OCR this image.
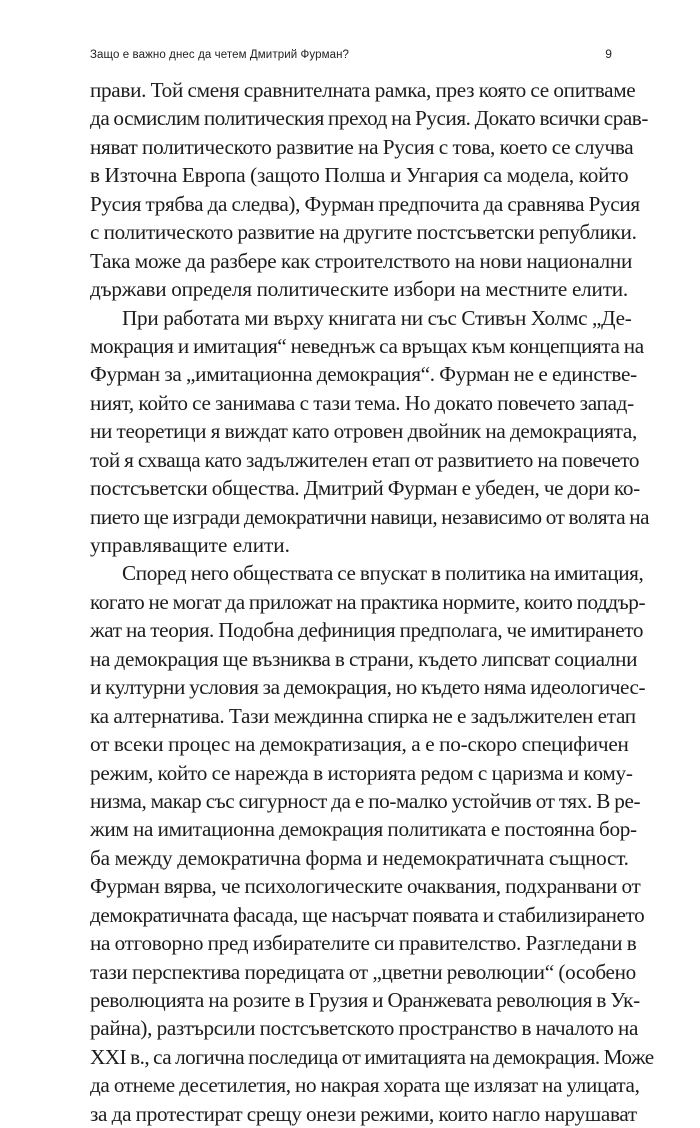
Защо е важно днес да четем Дмитрий Фурман?	9
прави. Той сменя сравнителната рамка, през която се опитваме
да осмислим политическия преход на Русия. Докато всички срав-
няват политическото развитие на Русия с това, което се случва
в Източна Европа (защото Полша и Унгария са модела, който
Русия трябва да следва), Фурман предпочита да сравнява Русия
с политическото развитие на другите постсъветски републики.
Така може да разбере как строителството на нови национални
държави определя политическите избори на местните елити.
При работата ми върху книгата ни със Стивън Холмс „Де-
мокрация и имитация“ неведнъж са връщах към концепцията на
Фурман за „имитационна демокрация“. Фурман не е единстве-
ният, който се занимава с тази тема. Но докато повечето запад-
ни теоретици я виждат като отровен двойник на демокрацията,
той я схваща като задължителен етап от развитието на повечето
постсъветски общества. Дмитрий Фурман е убеден, че дори ко-
пието ще изгради демократични навици, независимо от волята на
управляващите елити.
Според него обществата се впускат в политика на имитация,
когато не могат да приложат на практика нормите, които поддър-
жат на теория. Подобна дефиниция предполага, че имитирането
на демокрация ще възниква в страни, където липсват социални
и културни условия за демокрация, но където няма идеологичес-
ка алтернатива. Тази междинна спирка не е задължителен етап
от всеки процес на демократизация, а е по-скоро специфичен
режим, който се нарежда в историята редом с царизма и кому-
низма, макар със сигурност да е по-малко устойчив от тях. В ре-
жим на имитационна демокрация политиката е постоянна бор-
ба между демократична форма и недемократичната същност.
Фурман вярва, че психологическите очаквания, подхранвани от
демократичната фасада, ще насърчат появата и стабилизирането
на отговорно пред избирателите си правителство. Разгледани в
тази перспектива поредицата от „цветни революции“ (особено
революцията на розите в Грузия и Оранжевата революция в Ук-
райна), разтърсили постсъветското пространство в началото на
XXI в., са логична последица от имитацията на демокрация. Може
да отнеме десетилетия, но накрая хората ще излязат на улицата,
за да протестират срещу онези режими, които нагло нарушават
